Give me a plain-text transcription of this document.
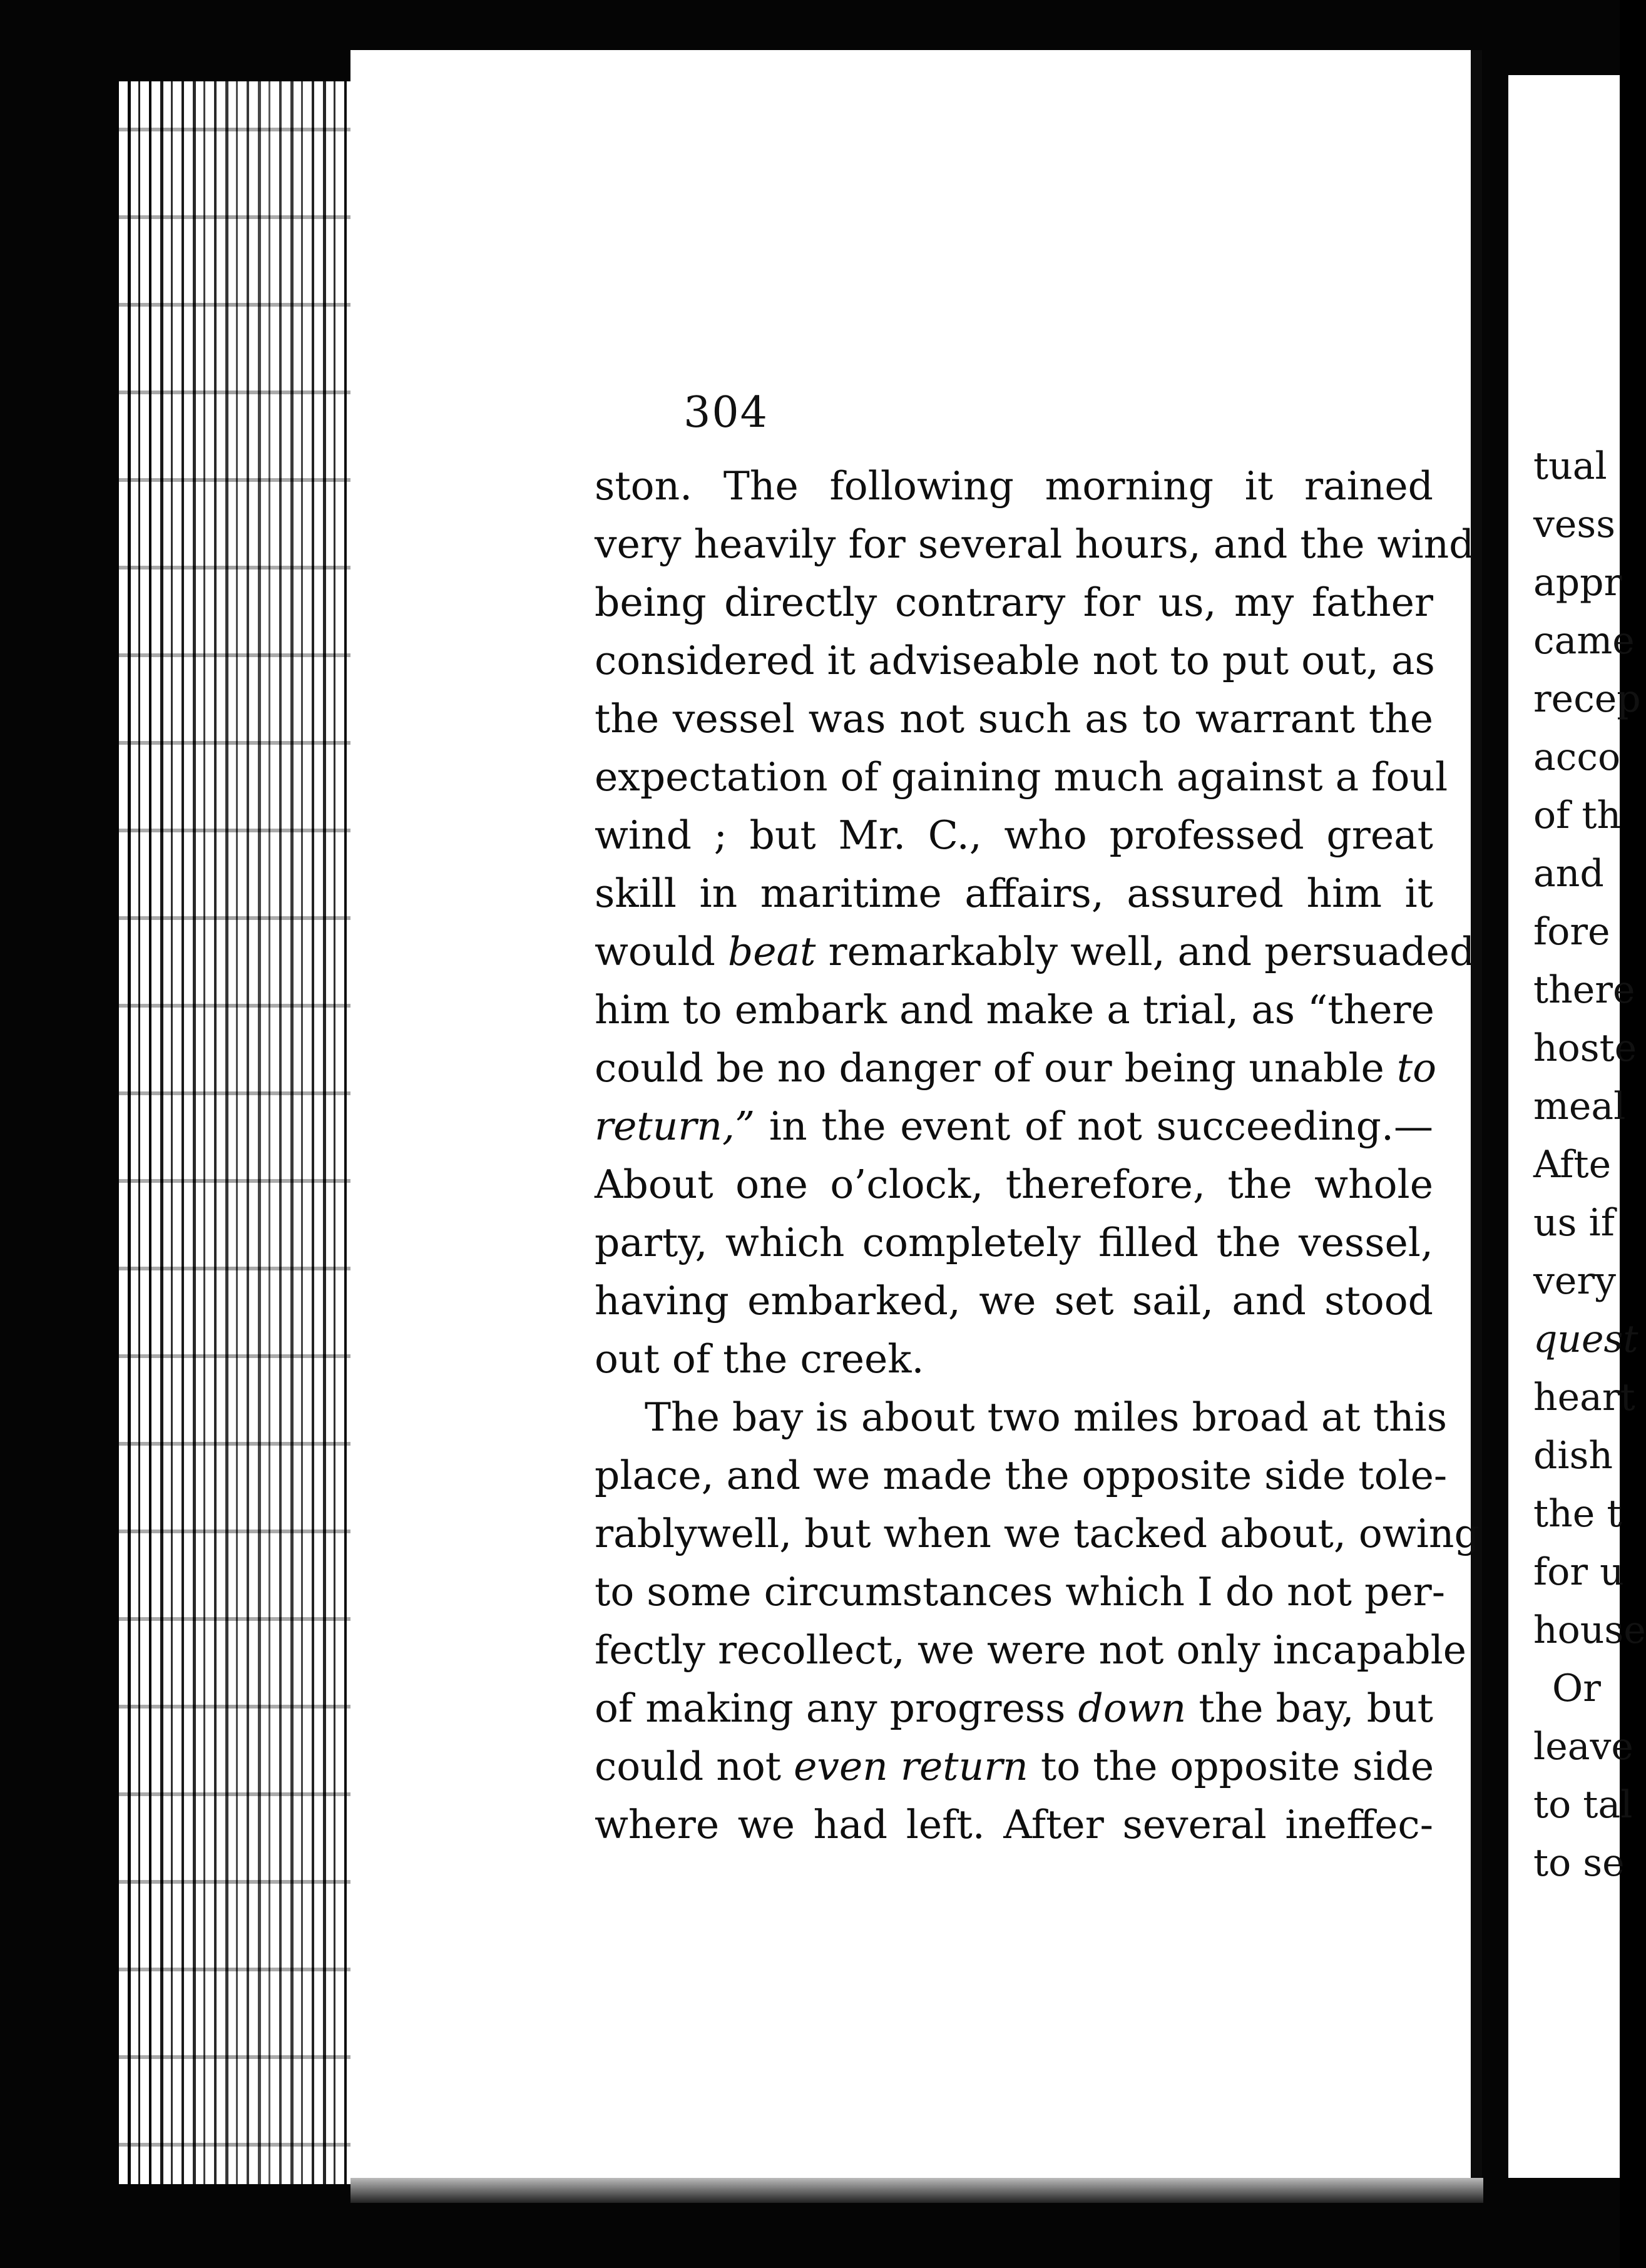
304
ston. The following morning it rained
very heavily for several hours, and the wind
being directly contrary for us, my father
considered it adviseable not to put out, as
the vessel was not such as to warrant the
expectation of gaining much against a foul
wind ; but Mr. C., who professed great
skill in maritime affairs, assured him it
would beat remarkably well, and persuaded
him to embark and make a trial, as “there
could be no danger of our being unable to
return,” in the event of not succeeding.—
About one o’clock, therefore, the whole
party, which completely filled the vessel,
having embarked, we set sail, and stood
out of the creek.
The bay is about two miles broad at this
place, and we made the opposite side tole-
rablywell, but when we tacked about, owing
to some circumstances which I do not per-
fectly recollect, we were not only incapable
of making any progress down the bay, but
could not even return to the opposite side
where we had left. After several ineffec-
tual
vess
appr
came
recep
acco
of th
and
fore
there
hoste
meal
Afte
us if
very
quest
heart
dish
the t
for u
house
Or
leave
to tal
to se
